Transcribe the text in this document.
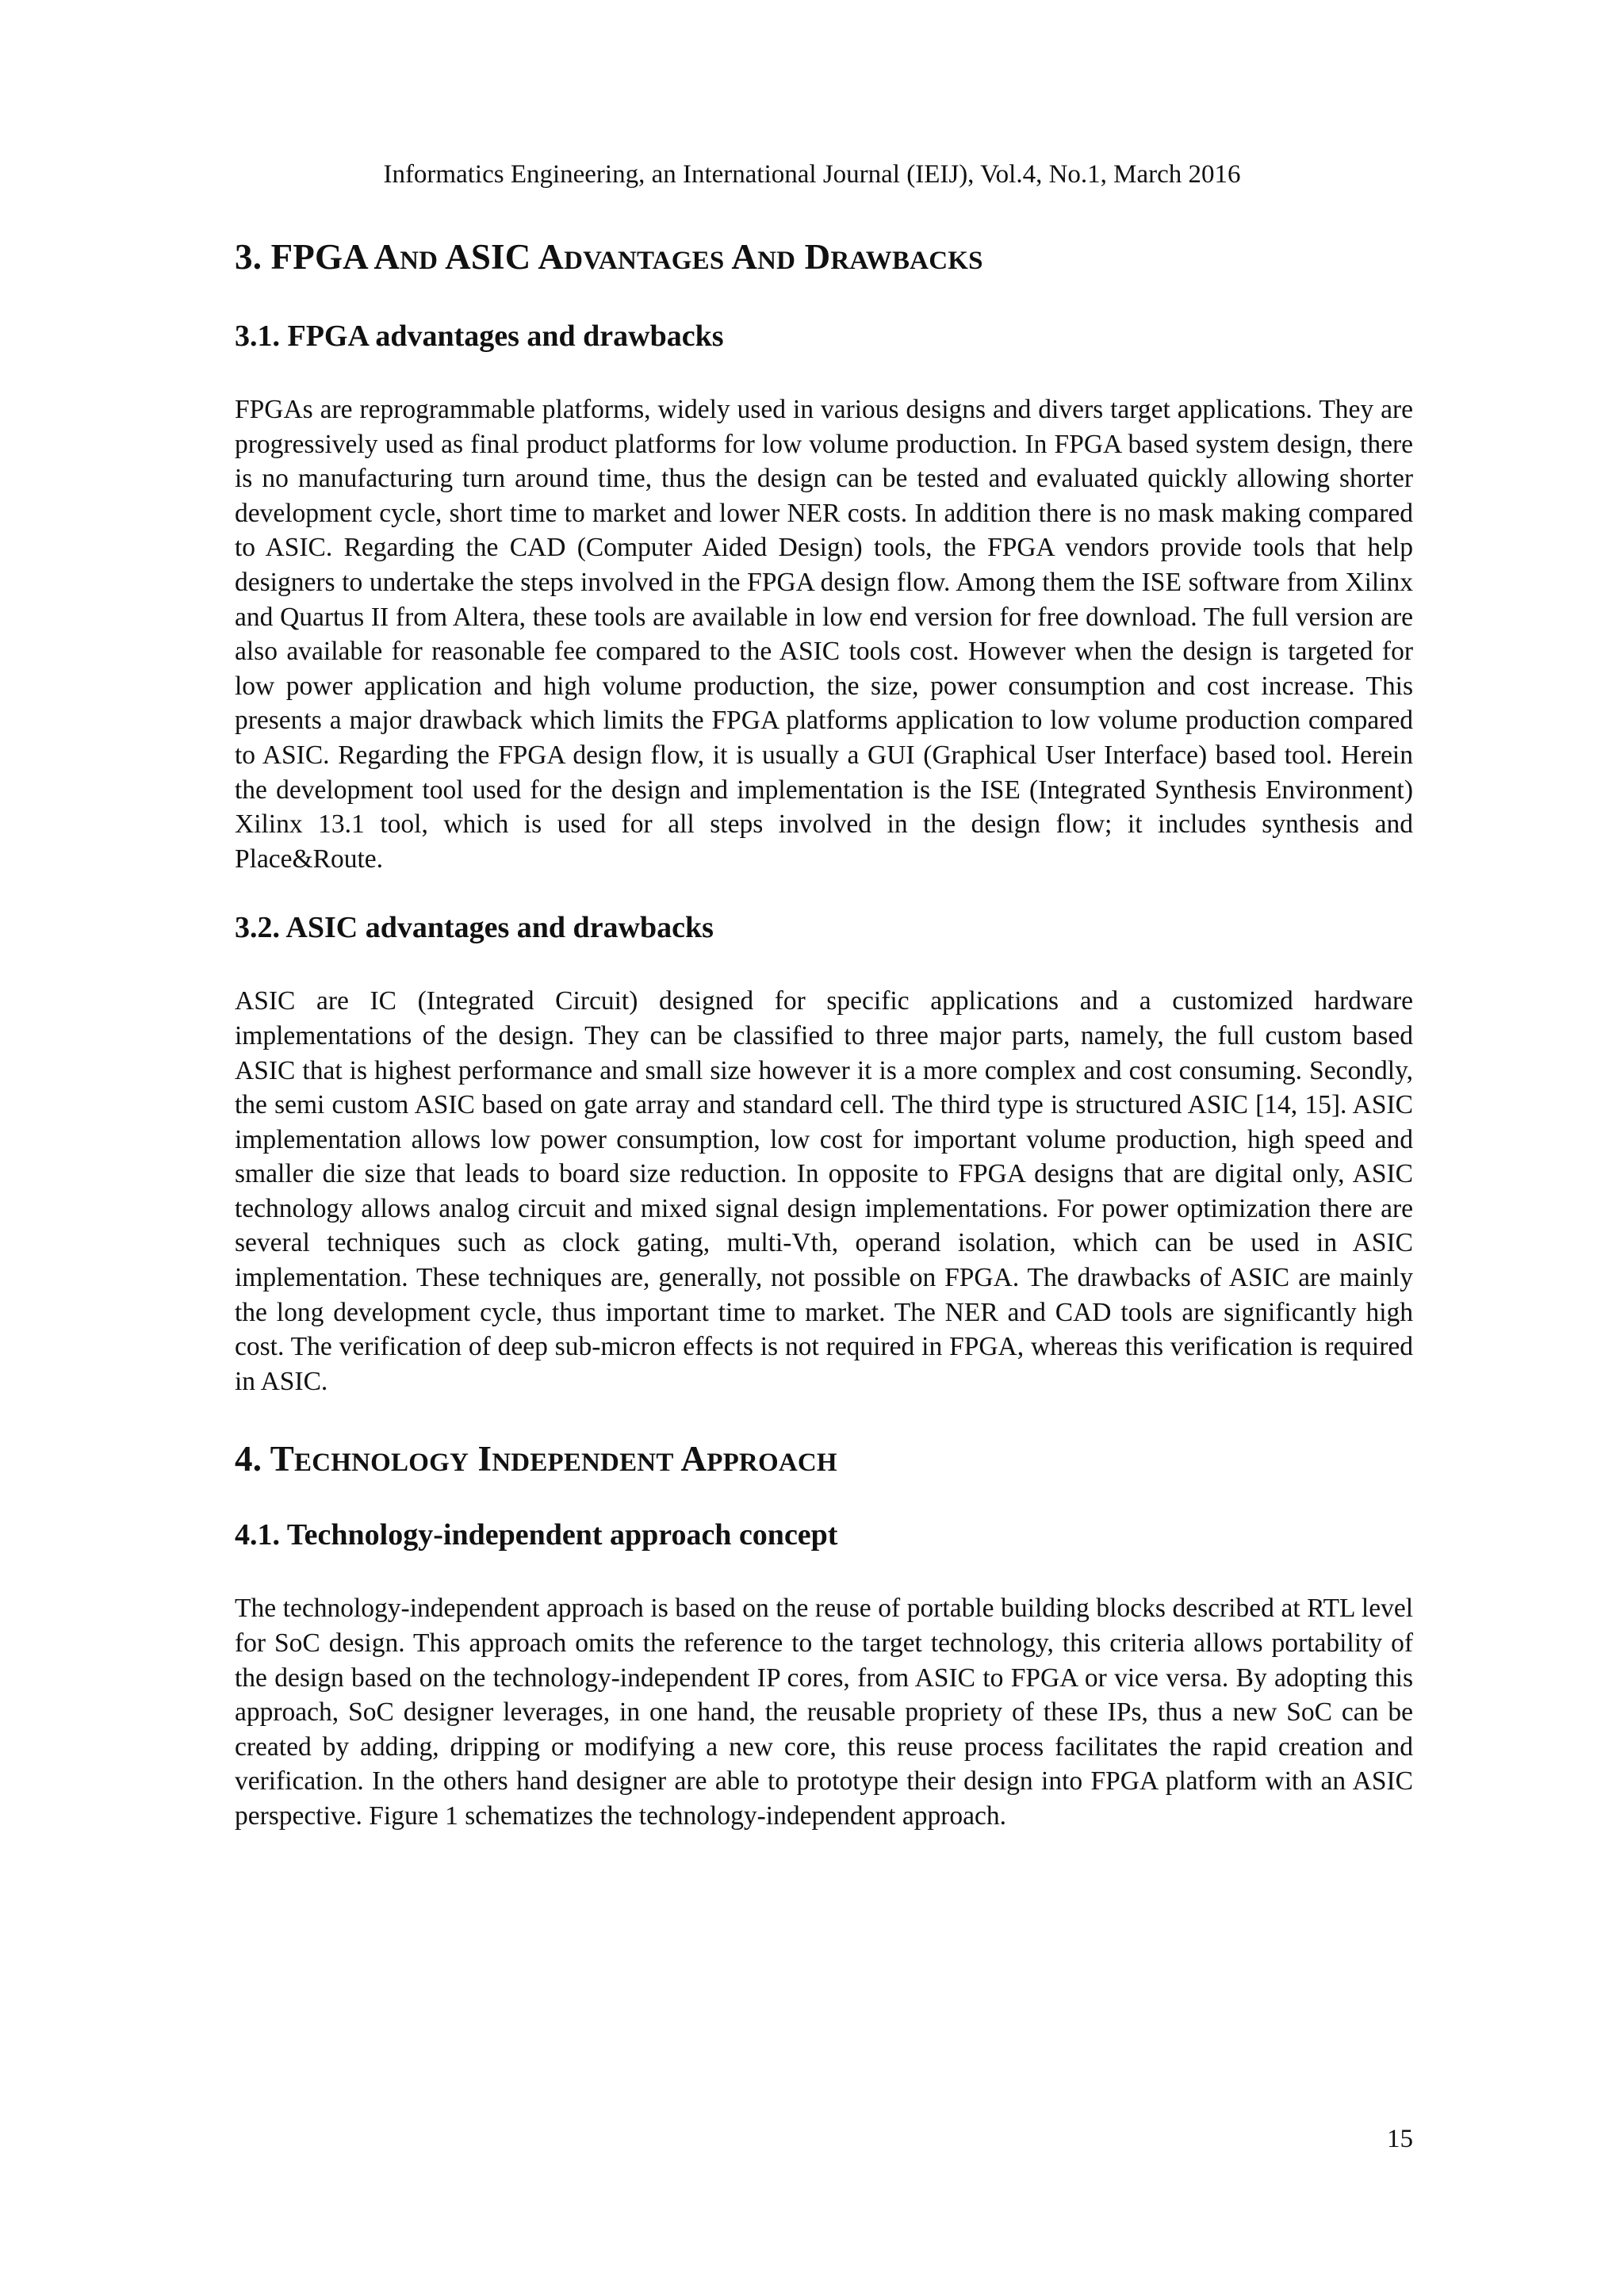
Informatics Engineering, an International Journal (IEIJ), Vol.4, No.1, March 2016

3. FPGA AND ASIC ADVANTAGES AND DRAWBACKS
3.1. FPGA advantages and drawbacks

FPGAs are reprogrammable platforms, widely used in various designs and divers target applications. They are progressively used as final product platforms for low volume production. In FPGA based system design, there is no manufacturing turn around time, thus the design can be tested and evaluated quickly allowing shorter development cycle, short time to market and lower NER costs. In addition there is no mask making compared to ASIC. Regarding the CAD (Computer Aided Design) tools, the FPGA vendors provide tools that help designers to undertake the steps involved in the FPGA design flow. Among them the ISE software from Xilinx and Quartus II from Altera, these tools are available in low end version for free download. The full version are also available for reasonable fee compared to the ASIC tools cost. However when the design is targeted for low power application and high volume production, the size, power consumption and cost increase. This presents a major drawback which limits the FPGA platforms application to low volume production compared to ASIC. Regarding the FPGA design flow, it is usually a GUI (Graphical User Interface) based tool. Herein the development tool used for the design and implementation is the ISE (Integrated Synthesis Environment) Xilinx 13.1 tool, which is used for all steps involved in the design flow; it includes synthesis and Place&Route.

3.2. ASIC advantages and drawbacks

ASIC are IC (Integrated Circuit) designed for specific applications and a customized hardware implementations of the design. They can be classified to three major parts, namely, the full custom based ASIC that is highest performance and small size however it is a more complex and cost consuming. Secondly, the semi custom ASIC based on gate array and standard cell. The third type is structured ASIC [14, 15]. ASIC implementation allows low power consumption, low cost for important volume production, high speed and smaller die size that leads to board size reduction. In opposite to FPGA designs that are digital only, ASIC technology allows analog circuit and mixed signal design implementations. For power optimization there are several techniques such as clock gating, multi-Vth, operand isolation, which can be used in ASIC implementation. These techniques are, generally, not possible on FPGA. The drawbacks of ASIC are mainly the long development cycle, thus important time to market. The NER and CAD tools are significantly high cost. The verification of deep sub-micron effects is not required in FPGA, whereas this verification is required in ASIC.

4. TECHNOLOGY INDEPENDENT APPROACH
4.1. Technology-independent approach concept

The technology-independent approach is based on the reuse of portable building blocks described at RTL level for SoC design. This approach omits the reference to the target technology, this criteria allows portability of the design based on the technology-independent IP cores, from ASIC to FPGA or vice versa. By adopting this approach, SoC designer leverages, in one hand, the reusable propriety of these IPs, thus a new SoC can be created by adding, dripping or modifying a new core, this reuse process facilitates the rapid creation and verification. In the others hand designer are able to prototype their design into FPGA platform with an ASIC perspective. Figure 1 schematizes the technology-independent approach.

15
